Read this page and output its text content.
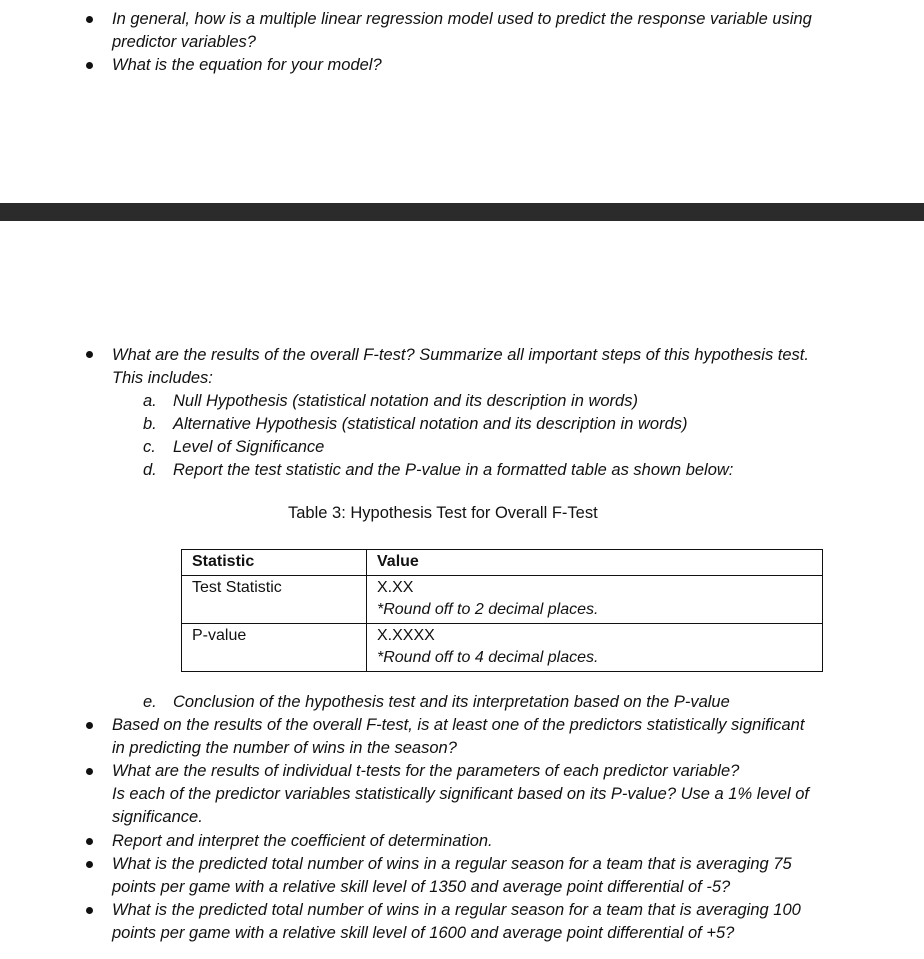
In general, how is a multiple linear regression model used to predict the response variable using
predictor variables?
What is the equation for your model?
What are the results of the overall F-test? Summarize all important steps of this hypothesis test.
This includes:
a. Null Hypothesis (statistical notation and its description in words)
b. Alternative Hypothesis (statistical notation and its description in words)
c. Level of Significance
d. Report the test statistic and the P-value in a formatted table as shown below:
Table 3: Hypothesis Test for Overall F-Test
Statistic	Value
Test Statistic	X.XX
*Round off to 2 decimal places.

P-value	X.XXXX
*Round off to 4 decimal places.
e. Conclusion of the hypothesis test and its interpretation based on the P-value
Based on the results of the overall F-test, is at least one of the predictors statistically significant
in predicting the number of wins in the season?
What are the results of individual t-tests for the parameters of each predictor variable?
Is each of the predictor variables statistically significant based on its P-value? Use a 1% level of
significance.
Report and interpret the coefficient of determination.
What is the predicted total number of wins in a regular season for a team that is averaging 75
points per game with a relative skill level of 1350 and average point differential of -5?
What is the predicted total number of wins in a regular season for a team that is averaging 100
points per game with a relative skill level of 1600 and average point differential of +5?
